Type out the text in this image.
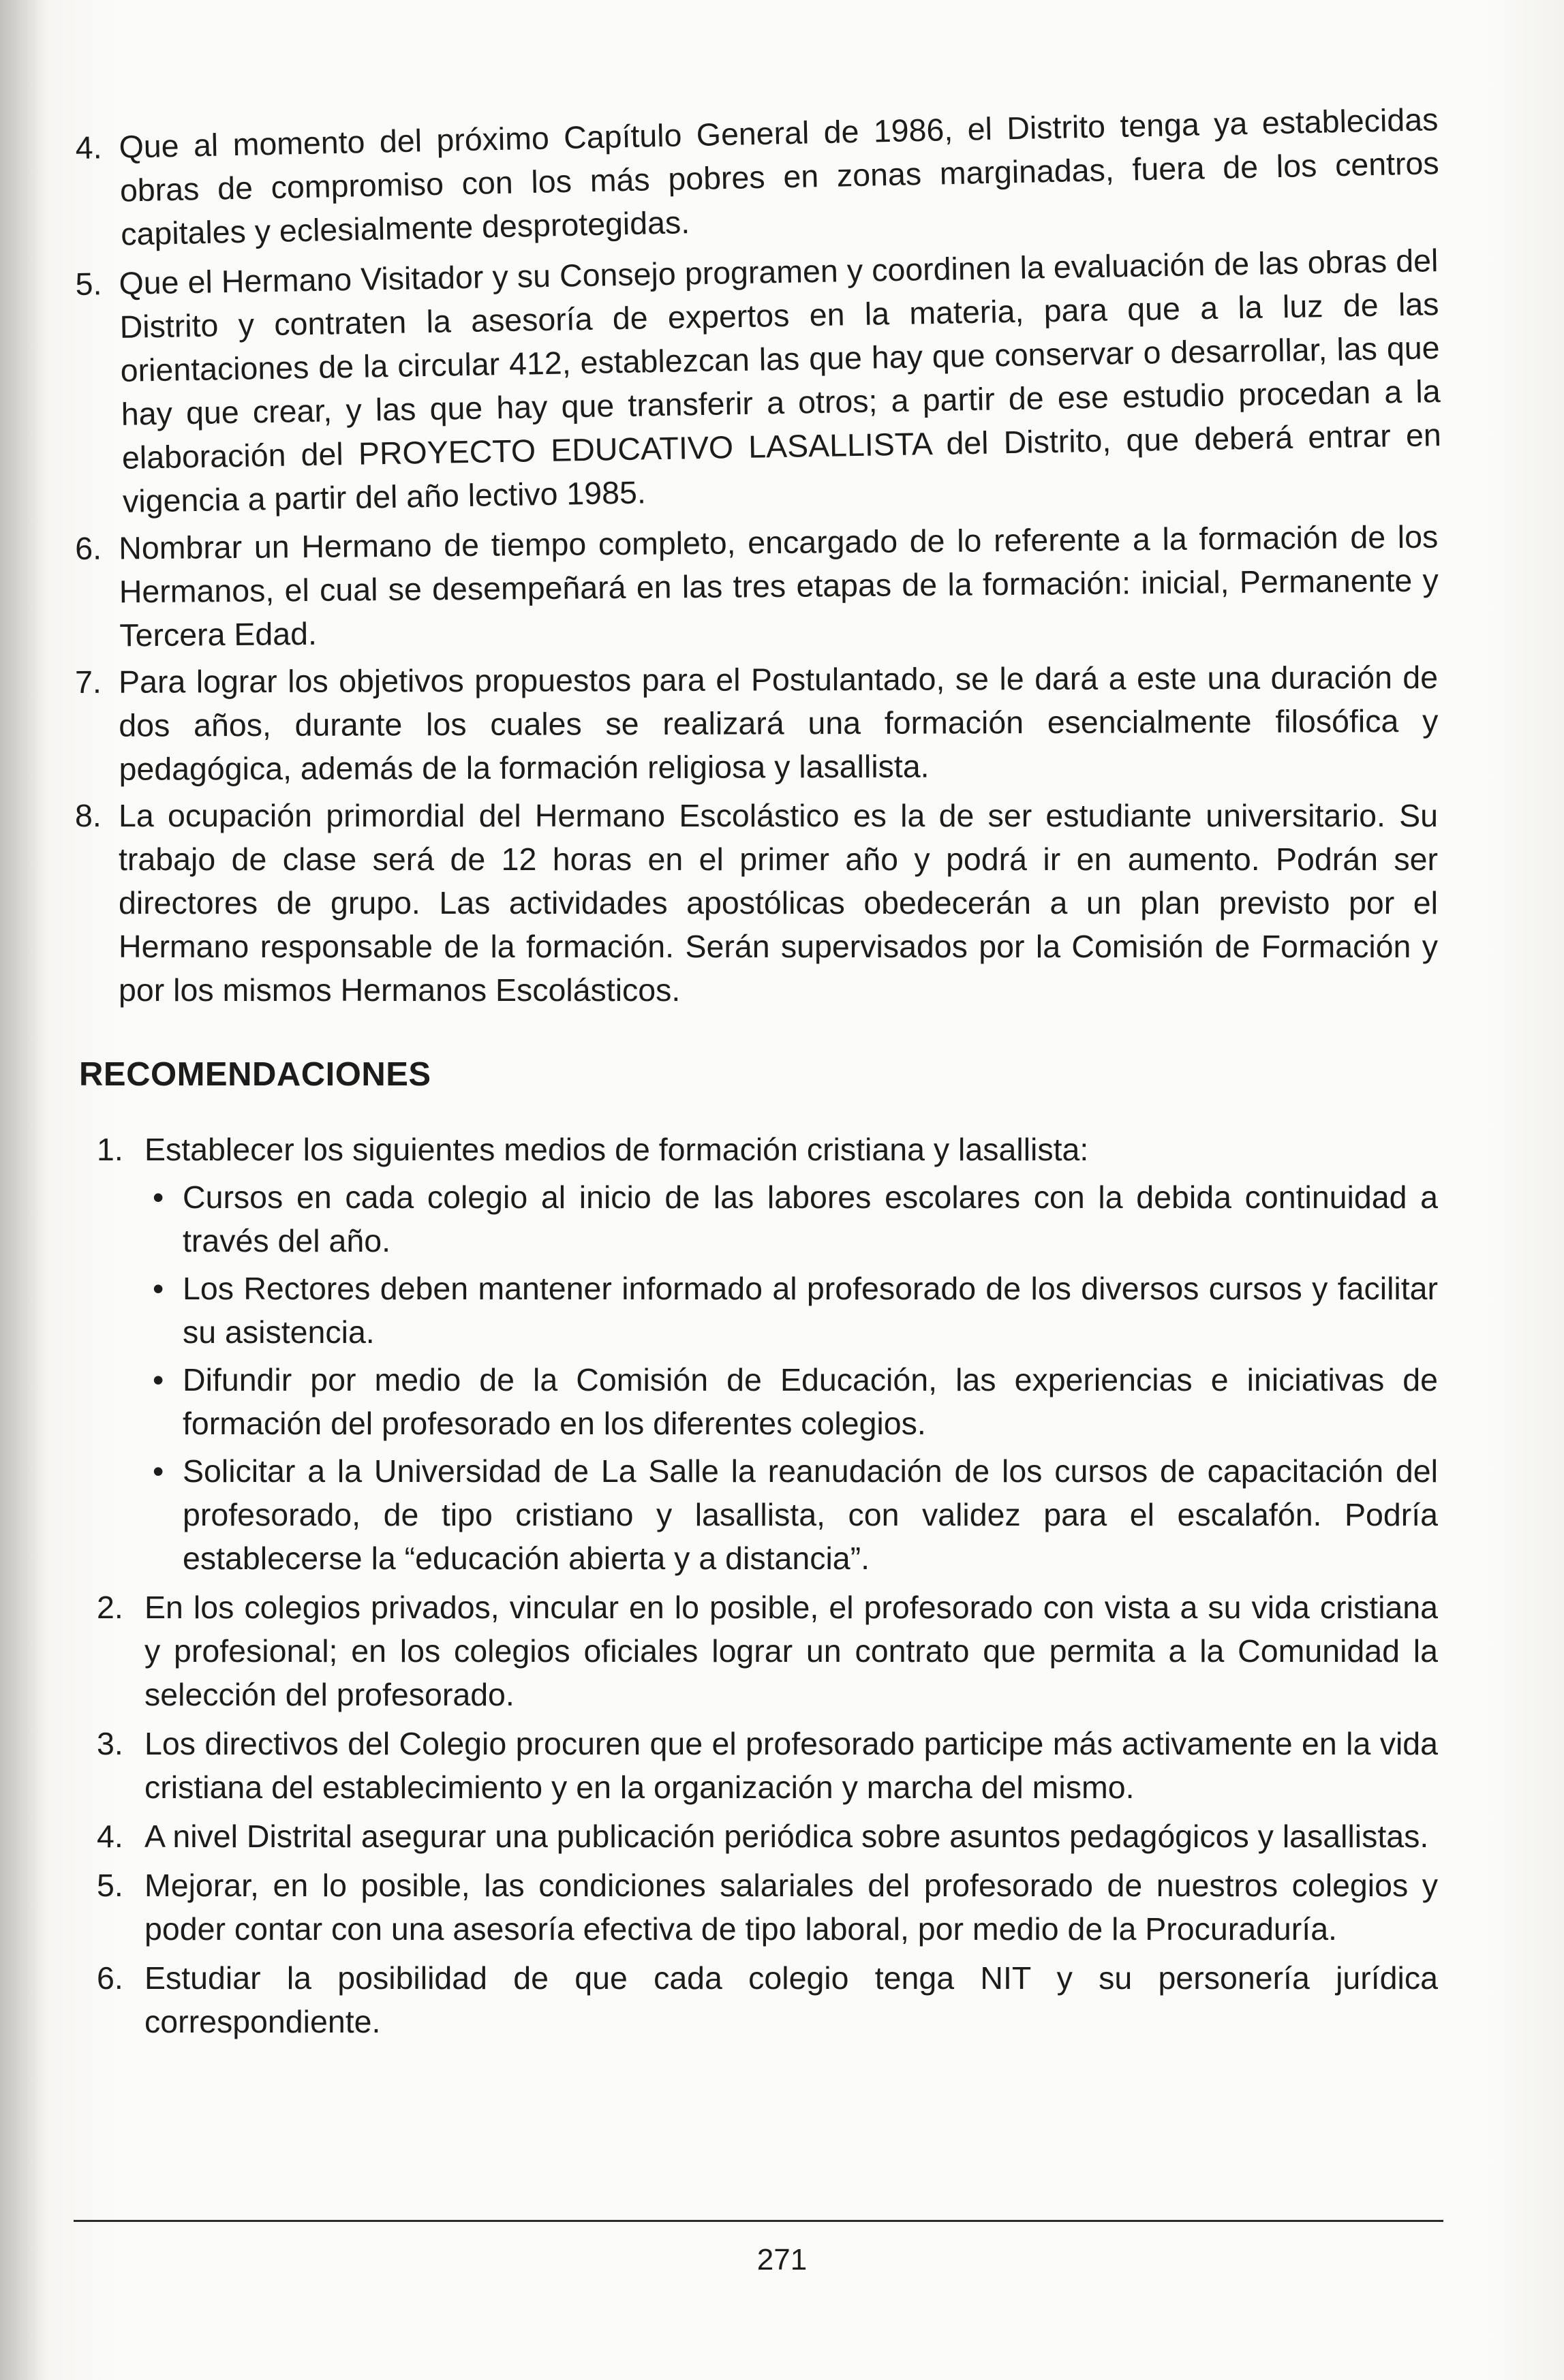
4. Que al momento del próximo Capítulo General de 1986, el Distrito tenga ya establecidas obras de compromiso con los más pobres en zonas marginadas, fuera de los centros capitales y eclesialmente desprotegidas.
5. Que el Hermano Visitador y su Consejo programen y coordinen la evaluación de las obras del Distrito y contraten la asesoría de expertos en la materia, para que a la luz de las orientaciones de la circular 412, establezcan las que hay que conservar o desarrollar, las que hay que crear, y las que hay que transferir a otros; a partir de ese estudio procedan a la elaboración del PROYECTO EDUCATIVO LASALLISTA del Distrito, que deberá entrar en vigencia a partir del año lectivo 1985.
6. Nombrar un Hermano de tiempo completo, encargado de lo referente a la formación de los Hermanos, el cual se desempeñará en las tres etapas de la formación: inicial, Permanente y Tercera Edad.
7. Para lograr los objetivos propuestos para el Postulantado, se le dará a este una duración de dos años, durante los cuales se realizará una formación esencialmente filosófica y pedagógica, además de la formación religiosa y lasallista.
8. La ocupación primordial del Hermano Escolástico es la de ser estudiante universitario. Su trabajo de clase será de 12 horas en el primer año y podrá ir en aumento. Podrán ser directores de grupo. Las actividades apostólicas obedecerán a un plan previsto por el Hermano responsable de la formación. Serán supervisados por la Comisión de Formación y por los mismos Hermanos Escolásticos.
RECOMENDACIONES
1. Establecer los siguientes medios de formación cristiana y lasallista:
• Cursos en cada colegio al inicio de las labores escolares con la debida continuidad a través del año.
• Los Rectores deben mantener informado al profesorado de los diversos cursos y facilitar su asistencia.
• Difundir por medio de la Comisión de Educación, las experiencias e iniciativas de formación del profesorado en los diferentes colegios.
• Solicitar a la Universidad de La Salle la reanudación de los cursos de capacitación del profesorado, de tipo cristiano y lasallista, con validez para el escalafón. Podría establecerse la “educación abierta y a distancia”.
2. En los colegios privados, vincular en lo posible, el profesorado con vista a su vida cristiana y profesional; en los colegios oficiales lograr un contrato que permita a la Comunidad la selección del profesorado.
3. Los directivos del Colegio procuren que el profesorado participe más activamente en la vida cristiana del establecimiento y en la organización y marcha del mismo.
4. A nivel Distrital asegurar una publicación periódica sobre asuntos pedagógicos y lasallistas.
5. Mejorar, en lo posible, las condiciones salariales del profesorado de nuestros colegios y poder contar con una asesoría efectiva de tipo laboral, por medio de la Procuraduría.
6. Estudiar la posibilidad de que cada colegio tenga NIT y su personería jurídica correspondiente.
271
